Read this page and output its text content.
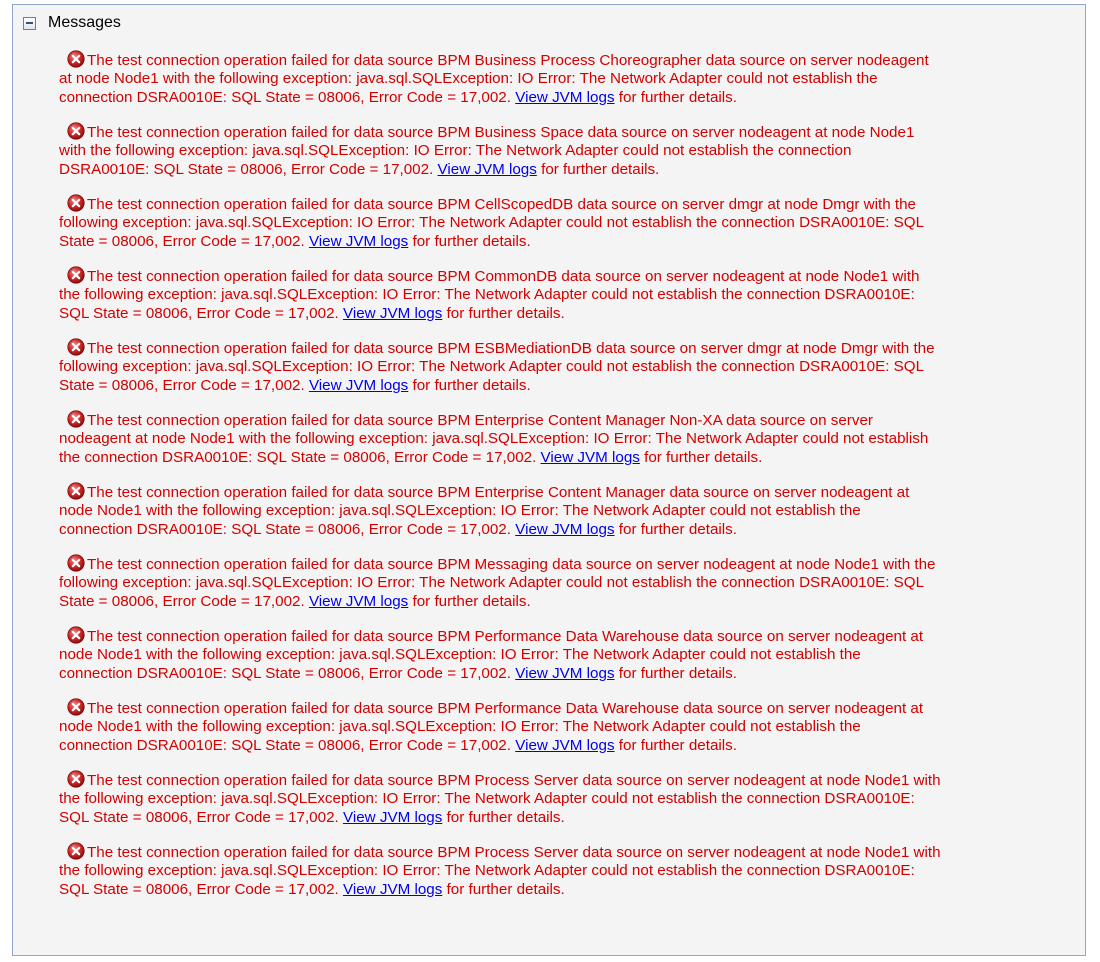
Messages
The test connection operation failed for data source BPM Business Process Choreographer data source on server nodeagent
at node Node1 with the following exception: java.sql.SQLException: IO Error: The Network Adapter could not establish the
connection DSRA0010E: SQL State = 08006, Error Code = 17,002. View JVM logs for further details.
The test connection operation failed for data source BPM Business Space data source on server nodeagent at node Node1
with the following exception: java.sql.SQLException: IO Error: The Network Adapter could not establish the connection
DSRA0010E: SQL State = 08006, Error Code = 17,002. View JVM logs for further details.
The test connection operation failed for data source BPM CellScopedDB data source on server dmgr at node Dmgr with the
following exception: java.sql.SQLException: IO Error: The Network Adapter could not establish the connection DSRA0010E: SQL
State = 08006, Error Code = 17,002. View JVM logs for further details.
The test connection operation failed for data source BPM CommonDB data source on server nodeagent at node Node1 with
the following exception: java.sql.SQLException: IO Error: The Network Adapter could not establish the connection DSRA0010E:
SQL State = 08006, Error Code = 17,002. View JVM logs for further details.
The test connection operation failed for data source BPM ESBMediationDB data source on server dmgr at node Dmgr with the
following exception: java.sql.SQLException: IO Error: The Network Adapter could not establish the connection DSRA0010E: SQL
State = 08006, Error Code = 17,002. View JVM logs for further details.
The test connection operation failed for data source BPM Enterprise Content Manager Non-XA data source on server
nodeagent at node Node1 with the following exception: java.sql.SQLException: IO Error: The Network Adapter could not establish
the connection DSRA0010E: SQL State = 08006, Error Code = 17,002. View JVM logs for further details.
The test connection operation failed for data source BPM Enterprise Content Manager data source on server nodeagent at
node Node1 with the following exception: java.sql.SQLException: IO Error: The Network Adapter could not establish the
connection DSRA0010E: SQL State = 08006, Error Code = 17,002. View JVM logs for further details.
The test connection operation failed for data source BPM Messaging data source on server nodeagent at node Node1 with the
following exception: java.sql.SQLException: IO Error: The Network Adapter could not establish the connection DSRA0010E: SQL
State = 08006, Error Code = 17,002. View JVM logs for further details.
The test connection operation failed for data source BPM Performance Data Warehouse data source on server nodeagent at
node Node1 with the following exception: java.sql.SQLException: IO Error: The Network Adapter could not establish the
connection DSRA0010E: SQL State = 08006, Error Code = 17,002. View JVM logs for further details.
The test connection operation failed for data source BPM Performance Data Warehouse data source on server nodeagent at
node Node1 with the following exception: java.sql.SQLException: IO Error: The Network Adapter could not establish the
connection DSRA0010E: SQL State = 08006, Error Code = 17,002. View JVM logs for further details.
The test connection operation failed for data source BPM Process Server data source on server nodeagent at node Node1 with
the following exception: java.sql.SQLException: IO Error: The Network Adapter could not establish the connection DSRA0010E:
SQL State = 08006, Error Code = 17,002. View JVM logs for further details.
The test connection operation failed for data source BPM Process Server data source on server nodeagent at node Node1 with
the following exception: java.sql.SQLException: IO Error: The Network Adapter could not establish the connection DSRA0010E:
SQL State = 08006, Error Code = 17,002. View JVM logs for further details.
